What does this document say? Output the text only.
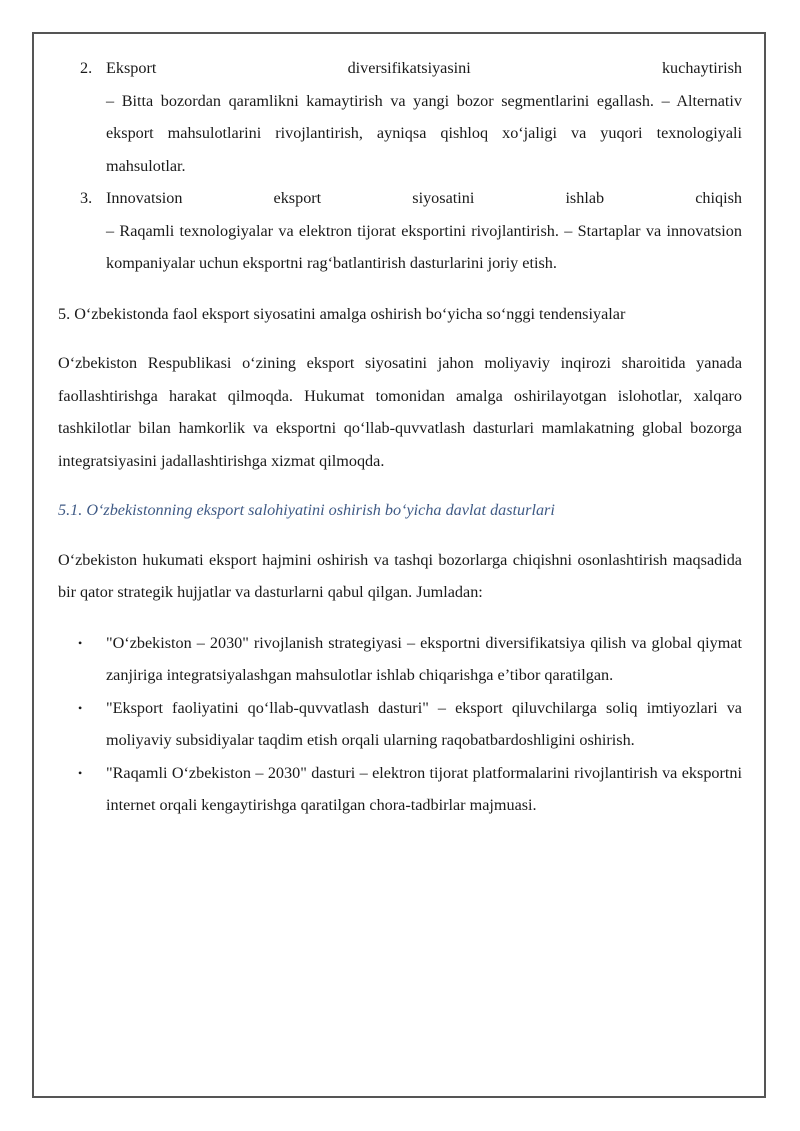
2. Eksport	diversifikatsiyasini	kuchaytirish
– Bitta bozordan qaramlikni kamaytirish va yangi bozor segmentlarini egallash. – Alternativ eksport mahsulotlarini rivojlantirish, ayniqsa qishloq xo‘jaligi va yuqori texnologiyali mahsulotlar.
3. Innovatsion	eksport	siyosatini	ishlab	chiqish
– Raqamli texnologiyalar va elektron tijorat eksportini rivojlantirish. – Startaplar va innovatsion kompaniyalar uchun eksportni rag‘batlantirish dasturlarini joriy etish.

5. O‘zbekistonda faol eksport siyosatini amalga oshirish bo‘yicha so‘nggi tendensiyalar

O‘zbekiston Respublikasi o‘zining eksport siyosatini jahon moliyaviy inqirozi sharoitida yanada faollashtirishga harakat qilmoqda. Hukumat tomonidan amalga oshirilayotgan islohotlar, xalqaro tashkilotlar bilan hamkorlik va eksportni qo‘llab-quvvatlash dasturlari mamlakatning global bozorga integratsiyasini jadallashtirishga xizmat qilmoqda.

5.1. O‘zbekistonning eksport salohiyatini oshirish bo‘yicha davlat dasturlari

O‘zbekiston hukumati eksport hajmini oshirish va tashqi bozorlarga chiqishni osonlashtirish maqsadida bir qator strategik hujjatlar va dasturlarni qabul qilgan. Jumladan:

• "O‘zbekiston – 2030" rivojlanish strategiyasi – eksportni diversifikatsiya qilish va global qiymat zanjiriga integratsiyalashgan mahsulotlar ishlab chiqarishga e’tibor qaratilgan.
• "Eksport faoliyatini qo‘llab-quvvatlash dasturi" – eksport qiluvchilarga soliq imtiyozlari va moliyaviy subsidiyalar taqdim etish orqali ularning raqobatbardoshligini oshirish.
• "Raqamli O‘zbekiston – 2030" dasturi – elektron tijorat platformalarini rivojlantirish va eksportni internet orqali kengaytirishga qaratilgan chora-tadbirlar majmuasi.
